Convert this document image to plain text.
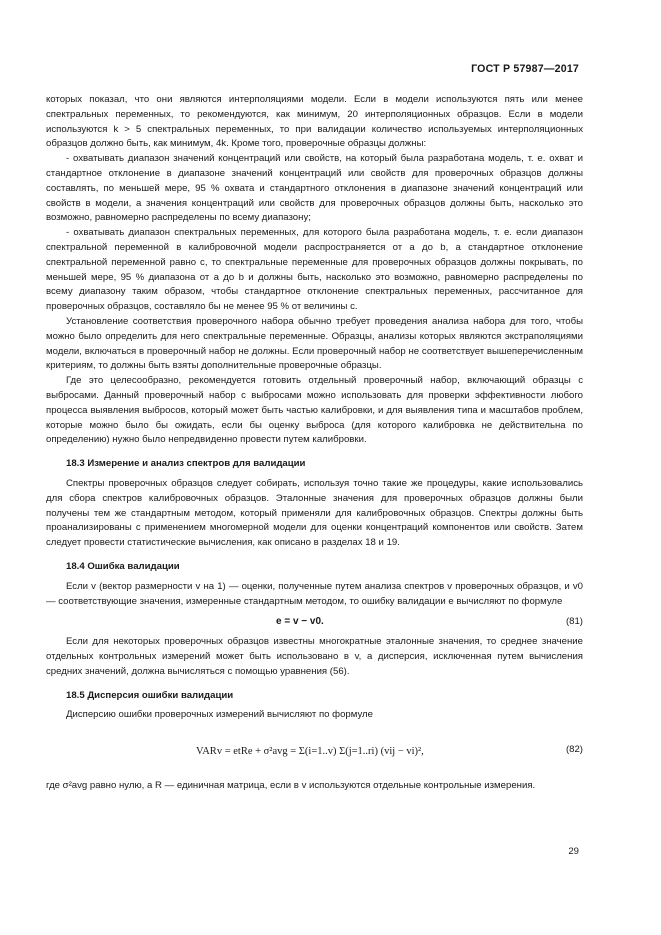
ГОСТ Р 57987—2017

которых показал, что они являются интерполяциями модели. Если в модели используются пять или менее спектральных переменных, то рекомендуются, как минимум, 20 интерполяционных образцов. Если в модели используются k > 5 спектральных переменных, то при валидации количество используемых интерполяционных образцов должно быть, как минимум, 4k. Кроме того, проверочные образцы должны:

- охватывать диапазон значений концентраций или свойств, на который была разработана модель, т. е. охват и стандартное отклонение в диапазоне значений концентраций или свойств для проверочных образцов должны составлять, по меньшей мере, 95 % охвата и стандартного отклонения в диапазоне значений концентраций или свойств в модели, а значения концентраций или свойств для проверочных образцов должны быть, насколько это возможно, равномерно распределены по всему диапазону;

- охватывать диапазон спектральных переменных, для которого была разработана модель, т. е. если диапазон спектральной переменной в калибровочной модели распространяется от a до b, а стандартное отклонение спектральной переменной равно c, то спектральные переменные для проверочных образцов должны покрывать, по меньшей мере, 95 % диапазона от a до b и должны быть, насколько это возможно, равномерно распределены по всему диапазону таким образом, чтобы стандартное отклонение спектральных переменных, рассчитанное для проверочных образцов, составляло бы не менее 95 % от величины c.

Установление соответствия проверочного набора обычно требует проведения анализа набора для того, чтобы можно было определить для него спектральные переменные. Образцы, анализы которых являются экстраполяциями модели, включаться в проверочный набор не должны. Если проверочный набор не соответствует вышеперечисленным критериям, то должны быть взяты дополнительные проверочные образцы.

Где это целесообразно, рекомендуется готовить отдельный проверочный набор, включающий образцы с выбросами. Данный проверочный набор с выбросами можно использовать для проверки эффективности любого процесса выявления выбросов, который может быть частью калибровки, и для выявления типа и масштабов проблем, которые можно было бы ожидать, если бы оценку выброса (для которого калибровка не действительна по определению) нужно было непредвиденно провести путем калибровки.

18.3 Измерение и анализ спектров для валидации

Спектры проверочных образцов следует собирать, используя точно такие же процедуры, какие использовались для сбора спектров калибровочных образцов. Эталонные значения для проверочных образцов должны были получены тем же стандартным методом, который применяли для калибровочных образцов. Спектры должны быть проанализированы с применением многомерной модели для оценки концентраций компонентов или свойств. Затем следует провести статистические вычисления, как описано в разделах 18 и 19.

18.4 Ошибка валидации

Если v (вектор размерности v на 1) — оценки, полученные путем анализа спектров v проверочных образцов, и v0 — соответствующие значения, измеренные стандартным методом, то ошибку валидации e вычисляют по формуле

e = v − v0.	(81)

Если для некоторых проверочных образцов известны многократные эталонные значения, то среднее значение отдельных контрольных измерений может быть использовано в v, а дисперсия, исключенная путем вычисления средних значений, должна вычисляться с помощью уравнения (56).

18.5 Дисперсия ошибки валидации

Дисперсию ошибки проверочных измерений вычисляют по формуле

VARv = etRe + σ²avg = Σ(i=1..v) Σ(j=1..ri) (vij − vi)²,	(82)

где σ²avg равно нулю, а R — единичная матрица, если в v используются отдельные контрольные измерения.

29
